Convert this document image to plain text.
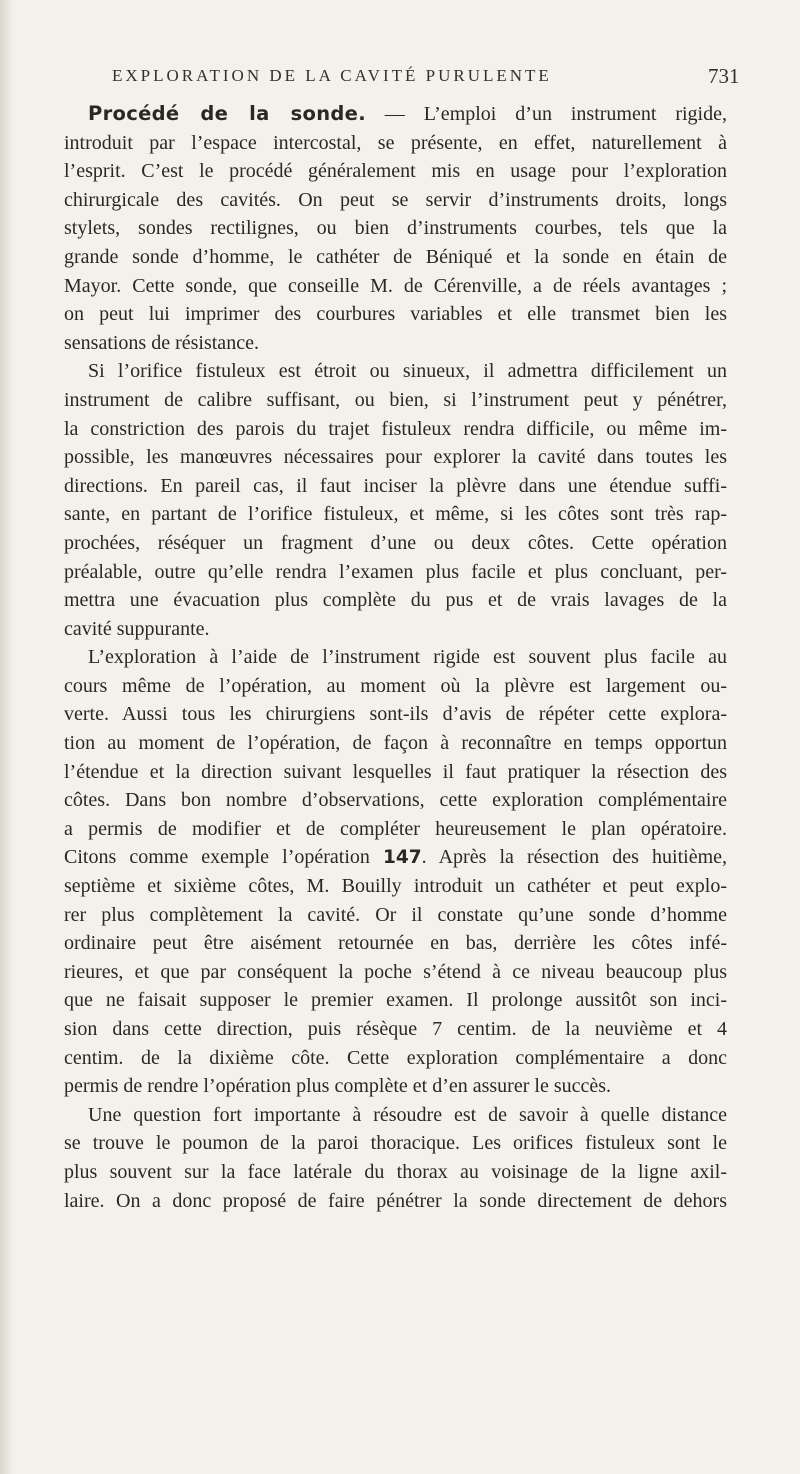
EXPLORATION DE LA CAVITÉ PURULENTE	731
Procédé de la sonde. — L’emploi d’un instrument rigide,
introduit par l’espace intercostal, se présente, en effet, naturellement à
l’esprit. C’est le procédé généralement mis en usage pour l’exploration
chirurgicale des cavités. On peut se servir d’instruments droits, longs
stylets, sondes rectilignes, ou bien d’instruments courbes, tels que la
grande sonde d’homme, le cathéter de Béniqué et la sonde en étain de
Mayor. Cette sonde, que conseille M. de Cérenville, a de réels avantages ;
on peut lui imprimer des courbures variables et elle transmet bien les
sensations de résistance.
Si l’orifice fistuleux est étroit ou sinueux, il admettra difficilement un
instrument de calibre suffisant, ou bien, si l’instrument peut y pénétrer,
la constriction des parois du trajet fistuleux rendra difficile, ou même im-
possible, les manœuvres nécessaires pour explorer la cavité dans toutes les
directions. En pareil cas, il faut inciser la plèvre dans une étendue suffi-
sante, en partant de l’orifice fistuleux, et même, si les côtes sont très rap-
prochées, réséquer un fragment d’une ou deux côtes. Cette opération
préalable, outre qu’elle rendra l’examen plus facile et plus concluant, per-
mettra une évacuation plus complète du pus et de vrais lavages de la
cavité suppurante.
L’exploration à l’aide de l’instrument rigide est souvent plus facile au
cours même de l’opération, au moment où la plèvre est largement ou-
verte. Aussi tous les chirurgiens sont-ils d’avis de répéter cette explora-
tion au moment de l’opération, de façon à reconnaître en temps opportun
l’étendue et la direction suivant lesquelles il faut pratiquer la résection des
côtes. Dans bon nombre d’observations, cette exploration complémentaire
a permis de modifier et de compléter heureusement le plan opératoire.
Citons comme exemple l’opération 147. Après la résection des huitième,
septième et sixième côtes, M. Bouilly introduit un cathéter et peut explo-
rer plus complètement la cavité. Or il constate qu’une sonde d’homme
ordinaire peut être aisément retournée en bas, derrière les côtes infé-
rieures, et que par conséquent la poche s’étend à ce niveau beaucoup plus
que ne faisait supposer le premier examen. Il prolonge aussitôt son inci-
sion dans cette direction, puis résèque 7 centim. de la neuvième et 4
centim. de la dixième côte. Cette exploration complémentaire a donc
permis de rendre l’opération plus complète et d’en assurer le succès.
Une question fort importante à résoudre est de savoir à quelle distance
se trouve le poumon de la paroi thoracique. Les orifices fistuleux sont le
plus souvent sur la face latérale du thorax au voisinage de la ligne axil-
laire. On a donc proposé de faire pénétrer la sonde directement de dehors
